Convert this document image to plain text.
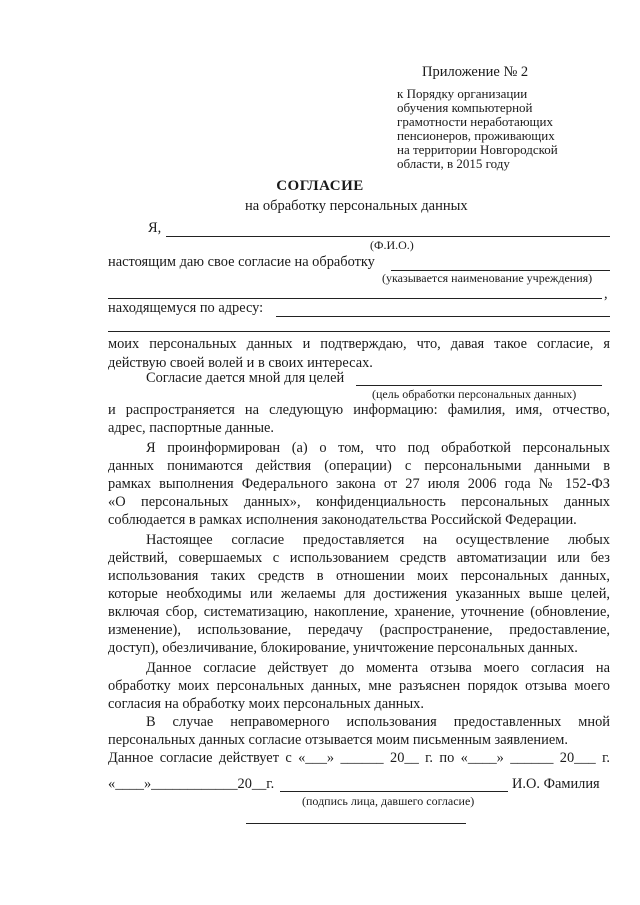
Приложение № 2
к Порядку организации
обучения компьютерной
грамотности неработающих
пенсионеров, проживающих
на территории Новгородской
области, в 2015 году
СОГЛАСИЕ
на обработку персональных данных
Я,
(Ф.И.О.)
настоящим даю свое согласие на обработку
(указывается наименование учреждения)
,
находящемуся по адресу:
моих персональных данных и подтверждаю, что, давая такое согласие, я
действую своей волей и в своих интересах.
Согласие дается мной для целей
(цель обработки персональных данных)
и распространяется на следующую информацию: фамилия, имя, отчество,
адрес, паспортные данные.
Я проинформирован (а) о том, что под обработкой персональных
данных понимаются действия (операции) с персональными данными в
рамках выполнения Федерального закона от 27 июля 2006 года № 152-ФЗ
«О персональных данных», конфиденциальность персональных данных
соблюдается в рамках исполнения законодательства Российской Федерации.
Настоящее согласие предоставляется на осуществление любых
действий, совершаемых с использованием средств автоматизации или без
использования таких средств в отношении моих персональных данных,
которые необходимы или желаемы для достижения указанных выше целей,
включая сбор, систематизацию, накопление, хранение, уточнение (обновление,
изменение), использование, передачу (распространение, предоставление,
доступ), обезличивание, блокирование, уничтожение персональных данных.
Данное согласие действует до момента отзыва моего согласия на
обработку моих персональных данных, мне разъяснен порядок отзыва моего
согласия на обработку моих персональных данных.
В случае неправомерного использования предоставленных мной
персональных данных согласие отзывается моим письменным заявлением.
Данное согласие действует с «___» ______ 20__ г. по «____» ______ 20___ г.
«____»____________20__г.	И.О. Фамилия
(подпись лица, давшего согласие)
